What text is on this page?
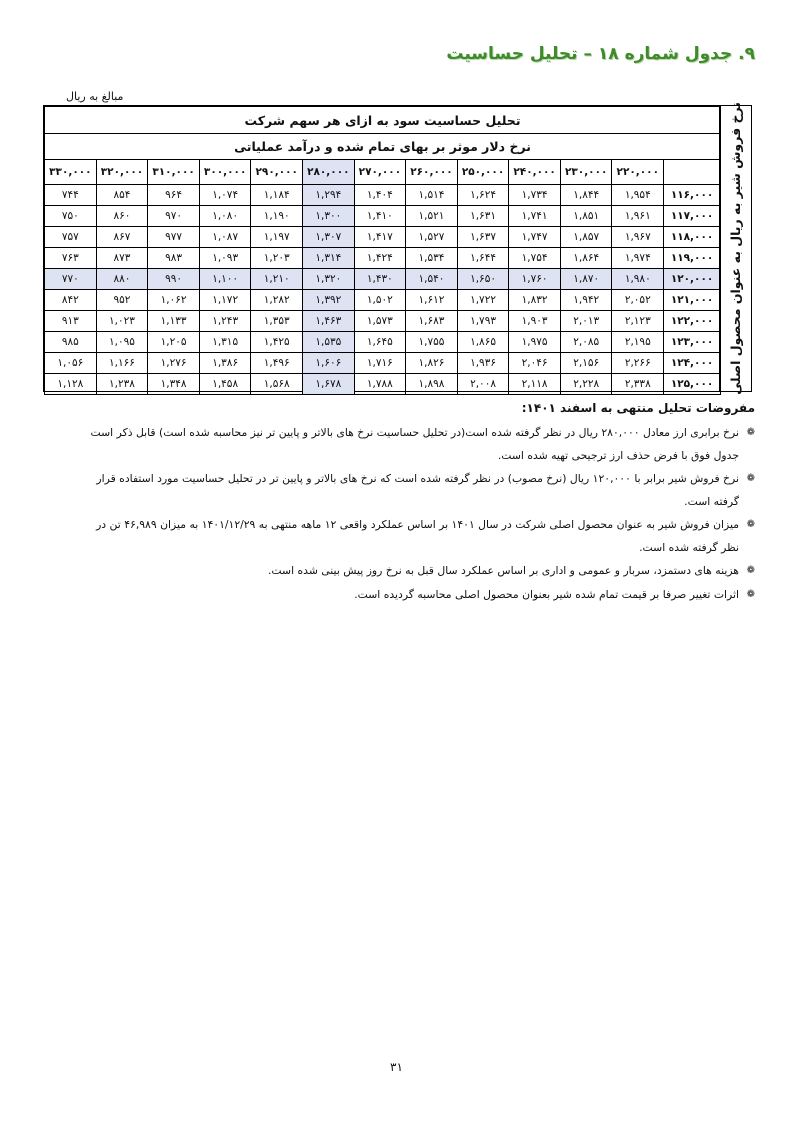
۹. جدول شماره ۱۸ – تحلیل حساسیت
مبالغ به ریال
تحلیل حساسیت سود به ازای هر سهم شرکت												
نرخ دلار موثر بر بهای تمام شده و درآمد عملیاتی												
	۲۲۰,۰۰۰	۲۳۰,۰۰۰	۲۴۰,۰۰۰	۲۵۰,۰۰۰	۲۶۰,۰۰۰	۲۷۰,۰۰۰	۲۸۰,۰۰۰	۲۹۰,۰۰۰	۳۰۰,۰۰۰	۳۱۰,۰۰۰	۳۲۰,۰۰۰	۳۳۰,۰۰۰
۱۱۶,۰۰۰	۱,۹۵۴	۱,۸۴۴	۱,۷۳۴	۱,۶۲۴	۱,۵۱۴	۱,۴۰۴	۱,۲۹۴	۱,۱۸۴	۱,۰۷۴	۹۶۴	۸۵۴	۷۴۴
۱۱۷,۰۰۰	۱,۹۶۱	۱,۸۵۱	۱,۷۴۱	۱,۶۳۱	۱,۵۲۱	۱,۴۱۰	۱,۳۰۰	۱,۱۹۰	۱,۰۸۰	۹۷۰	۸۶۰	۷۵۰
۱۱۸,۰۰۰	۱,۹۶۷	۱,۸۵۷	۱,۷۴۷	۱,۶۳۷	۱,۵۲۷	۱,۴۱۷	۱,۳۰۷	۱,۱۹۷	۱,۰۸۷	۹۷۷	۸۶۷	۷۵۷
۱۱۹,۰۰۰	۱,۹۷۴	۱,۸۶۴	۱,۷۵۴	۱,۶۴۴	۱,۵۳۴	۱,۴۲۴	۱,۳۱۴	۱,۲۰۳	۱,۰۹۳	۹۸۳	۸۷۳	۷۶۳
۱۲۰,۰۰۰	۱,۹۸۰	۱,۸۷۰	۱,۷۶۰	۱,۶۵۰	۱,۵۴۰	۱,۴۳۰	۱,۳۲۰	۱,۲۱۰	۱,۱۰۰	۹۹۰	۸۸۰	۷۷۰
۱۲۱,۰۰۰	۲,۰۵۲	۱,۹۴۲	۱,۸۳۲	۱,۷۲۲	۱,۶۱۲	۱,۵۰۲	۱,۳۹۲	۱,۲۸۲	۱,۱۷۲	۱,۰۶۲	۹۵۲	۸۴۲
۱۲۲,۰۰۰	۲,۱۲۳	۲,۰۱۳	۱,۹۰۳	۱,۷۹۳	۱,۶۸۳	۱,۵۷۳	۱,۴۶۳	۱,۳۵۳	۱,۲۴۳	۱,۱۳۳	۱,۰۲۳	۹۱۳
۱۲۳,۰۰۰	۲,۱۹۵	۲,۰۸۵	۱,۹۷۵	۱,۸۶۵	۱,۷۵۵	۱,۶۴۵	۱,۵۳۵	۱,۴۲۵	۱,۳۱۵	۱,۲۰۵	۱,۰۹۵	۹۸۵
۱۲۴,۰۰۰	۲,۲۶۶	۲,۱۵۶	۲,۰۴۶	۱,۹۳۶	۱,۸۲۶	۱,۷۱۶	۱,۶۰۶	۱,۴۹۶	۱,۳۸۶	۱,۲۷۶	۱,۱۶۶	۱,۰۵۶
۱۲۵,۰۰۰	۲,۳۳۸	۲,۲۲۸	۲,۱۱۸	۲,۰۰۸	۱,۸۹۸	۱,۷۸۸	۱,۶۷۸	۱,۵۶۸	۱,۴۵۸	۱,۳۴۸	۱,۲۳۸	۱,۱۲۸	نرخ فروش شیر به ریال به عنوان محصول اصلی
مفروضات تحلیل منتهی به اسفند ۱۴۰۱:
❁
نرخ برابری ارز معادل ۲۸۰,۰۰۰ ریال در نظر گرفته شده است(در تحلیل حساسیت نرخ های بالاتر و پایین تر نیز محاسبه شده است) قابل ذکر است جدول فوق با فرض حذف ارز ترجیحی تهیه شده است.
❁
نرخ فروش شیر برابر با ۱۲۰,۰۰۰ ریال (نرخ مصوب) در نظر گرفته شده است که نرخ های بالاتر و پایین تر در تحلیل حساسیت مورد استفاده قرار گرفته است.
❁
میزان فروش شیر به عنوان محصول اصلی شرکت در سال ۱۴۰۱ بر اساس عملکرد واقعی ۱۲ ماهه منتهی به ۱۴۰۱/۱۲/۲۹ به میزان ۴۶,۹۸۹ تن در نظر گرفته شده است.
❁
هزینه های دستمزد، سربار و عمومی و اداری بر اساس عملکرد سال قبل به نرخ روز پیش بینی شده است.
❁
اثرات تغییر صرفا بر قیمت تمام شده شیر بعنوان محصول اصلی محاسبه گردیده است.
۳۱
